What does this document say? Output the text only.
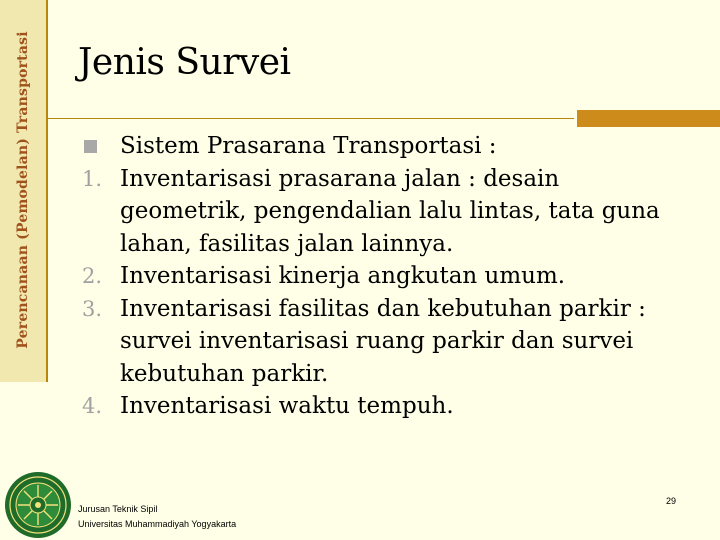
Perencanaan (Pemodelan) Transportasi Jenis Survei
Sistem Prasarana Transportasi :
1. Inventarisasi prasarana jalan : desain
geometrik, pengendalian lalu lintas, tata guna
lahan, fasilitas jalan lainnya.
2. Inventarisasi kinerja angkutan umum.
3. Inventarisasi fasilitas dan kebutuhan parkir :
survei inventarisasi ruang parkir dan survei
kebutuhan parkir.
4. Inventarisasi waktu tempuh.
Jurusan Teknik Sipil
Universitas Muhammadiyah Yogyakarta
29
